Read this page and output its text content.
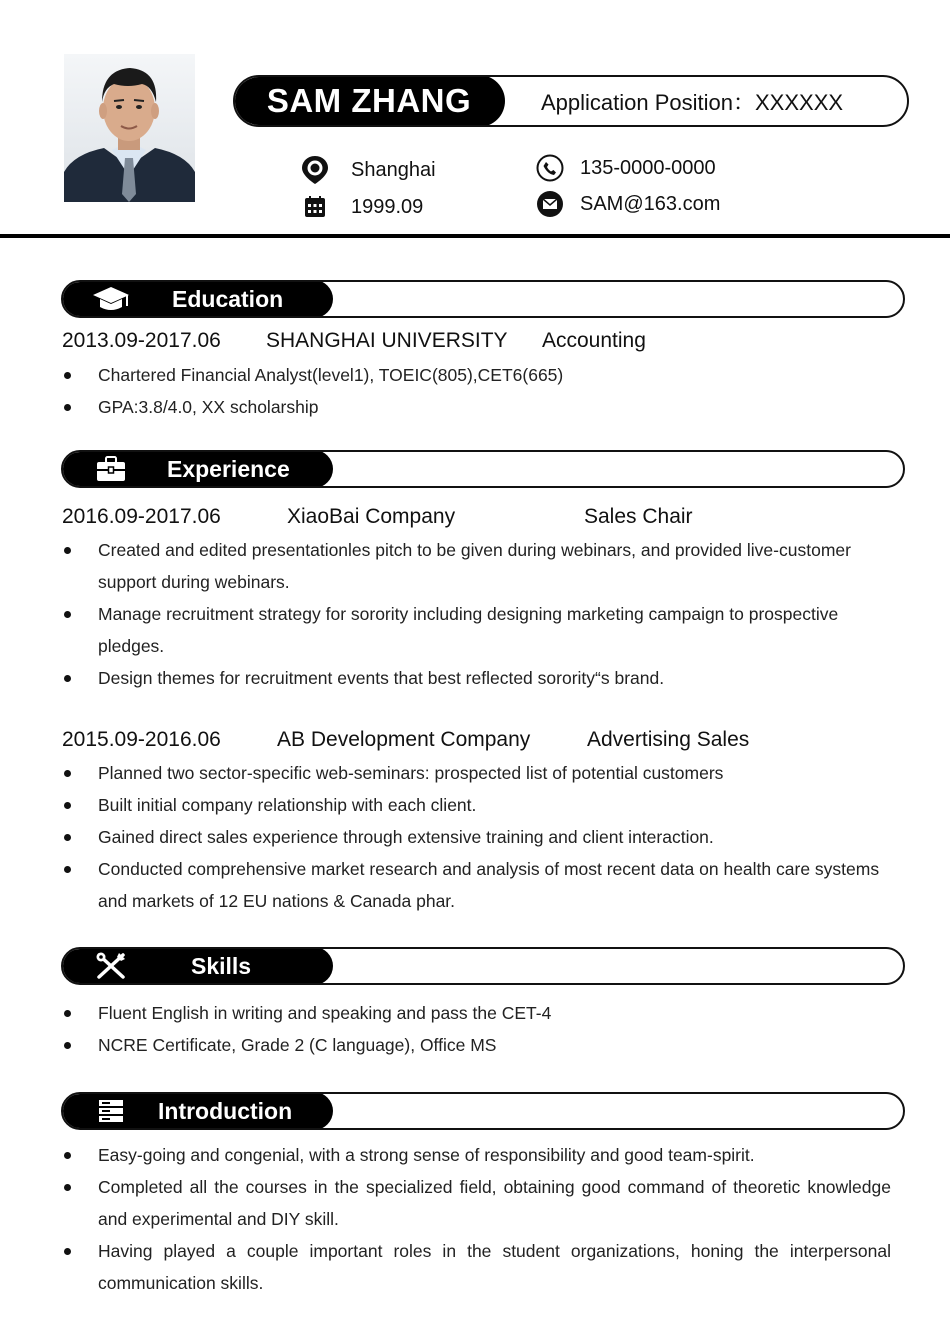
SAM ZHANG	Application Position：XXXXXX
Shanghai
1999.09
135-0000-0000
SAM@163.com
Education
2013.09-2017.06 SHANGHAI UNIVERSITY Accounting
Chartered Financial Analyst(level1), TOEIC(805),CET6(665)
GPA:3.8/4.0, XX scholarship
Experience
2016.09-2017.06	XiaoBai Company	Sales Chair
Created and edited presentationles pitch to be given during webinars, and provided live-customer support during webinars.
Manage recruitment strategy for sorority including designing marketing campaign to prospective pledges.
Design themes for recruitment events that best reflected sorority“s brand.
2015.09-2016.06	AB Development Company	Advertising Sales
Planned two sector-specific web-seminars: prospected list of potential customers
Built initial company relationship with each client.
Gained direct sales experience through extensive training and client interaction.
Conducted comprehensive market research and analysis of most recent data on health care systems and markets of 12 EU nations & Canada phar.
Skills
Fluent English in writing and speaking and pass the CET-4
NCRE Certificate, Grade 2 (C language), Office MS
Introduction
Easy-going and congenial, with a strong sense of responsibility and good team-spirit.
Completed all the courses in the specialized field, obtaining good command of theoretic knowledge and experimental and DIY skill.
Having played a couple important roles in the student organizations, honing the interpersonal communication skills.
